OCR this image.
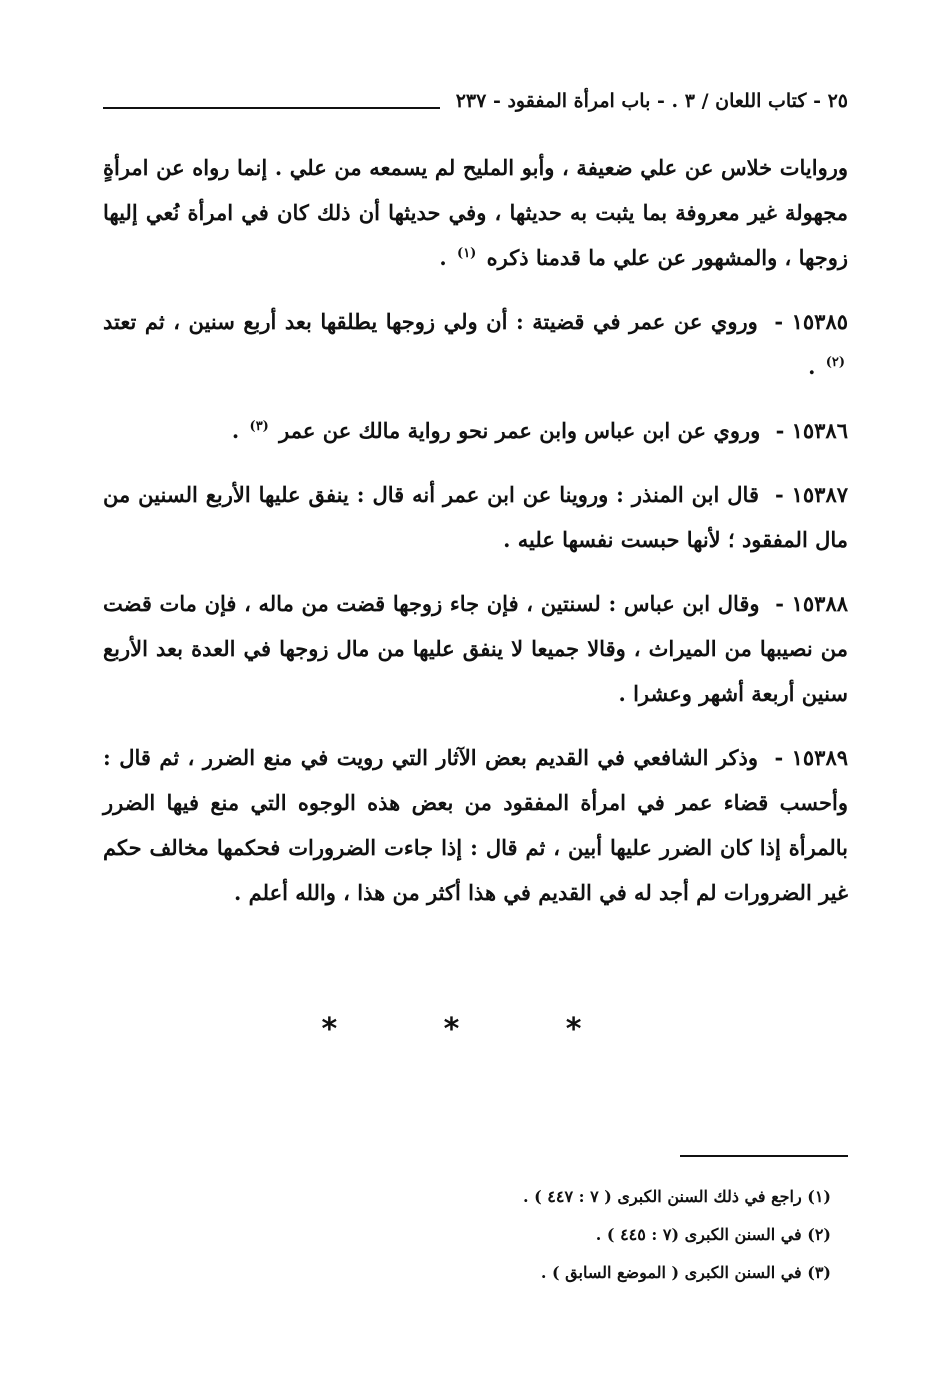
٢٥ - كتاب اللعان / ٣ . - باب امرأة المفقود - ٢٣٧

وروايات خلاس عن علي ضعيفة ، وأبو المليح لم يسمعه من علي . إنما رواه عن امرأةٍ مجهولة غير معروفة بما يثبت به حديثها ، وفي حديثها أن ذلك كان في امرأة نُعي إليها زوجها ، والمشهور عن علي ما قدمنا ذكره $^{(١)}$ .

١٥٣٨٥ - وروي عن عمر في قضيتة : أن ولي زوجها يطلقها بعد أربع سنين ، ثم تعتد $^{(٢)}$ .

١٥٣٨٦ - وروي عن ابن عباس وابن عمر نحو رواية مالك عن عمر $^{(٣)}$ .

١٥٣٨٧ - قال ابن المنذر : وروينا عن ابن عمر أنه قال : ينفق عليها الأربع السنين من مال المفقود ؛ لأنها حبست نفسها عليه .

١٥٣٨٨ - وقال ابن عباس : لسنتين ، فإن جاء زوجها قضت من ماله ، فإن مات قضت من نصيبها من الميراث ، وقالا جميعا لا ينفق عليها من مال زوجها في العدة بعد الأربع سنين أربعة أشهر وعشرا .

١٥٣٨٩ - وذكر الشافعي في القديم بعض الآثار التي رويت في منع الضرر ، ثم قال : وأحسب قضاء عمر في امرأة المفقود من بعض هذه الوجوه التي منع فيها الضرر بالمرأة إذا كان الضرر عليها أبين ، ثم قال : إذا جاءت الضرورات فحكمها مخالف حكم غير الضرورات لم أجد له في القديم في هذا أكثر من هذا ، والله أعلم .

* * *
(١) راجع في ذلك السنن الكبرى ( ٧ : ٤٤٧ ) .
(٢) في السنن الكبرى (٧ : ٤٤٥ ) .
(٣) في السنن الكبرى ( الموضع السابق ) .
